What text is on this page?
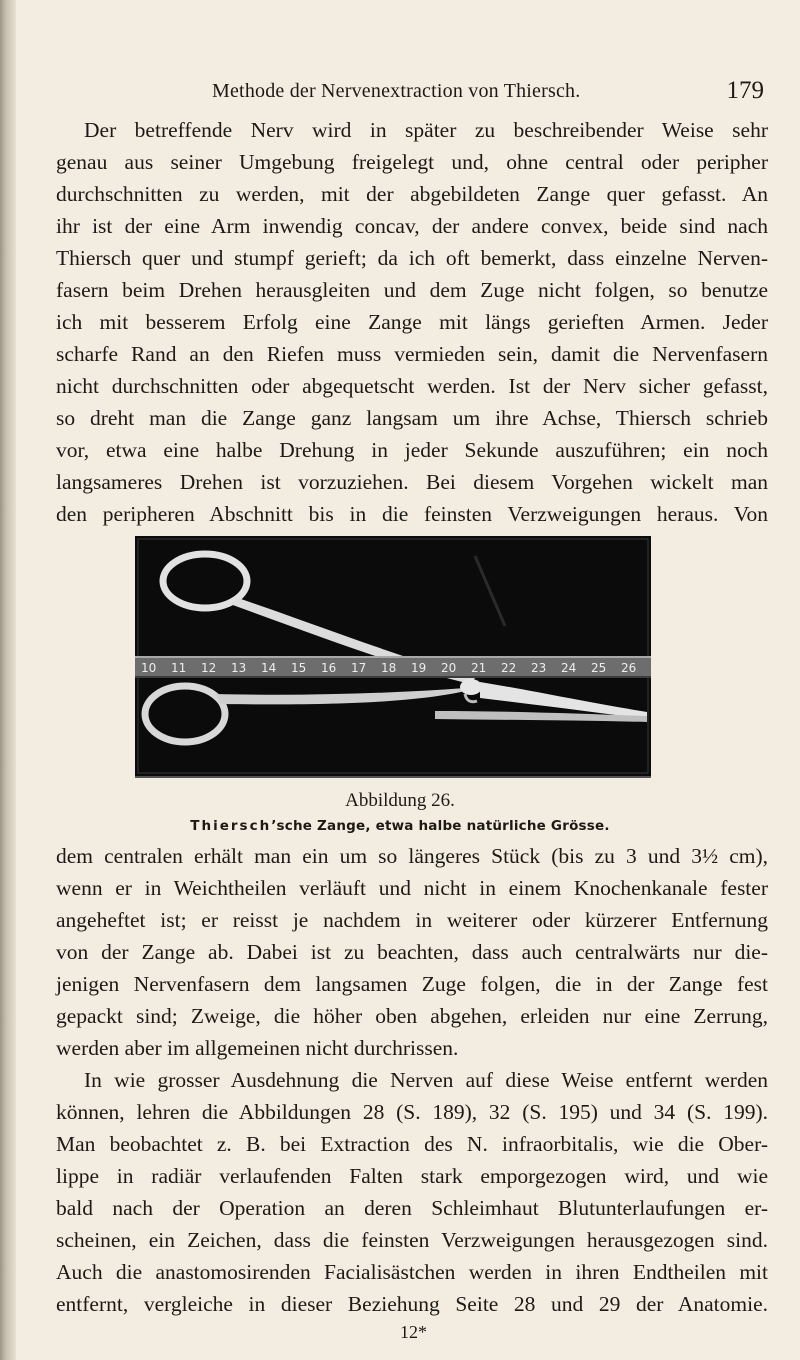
Methode der Nervenextraction von Thiersch.	179
Der betreffende Nerv wird in später zu beschreibender Weise sehr
genau aus seiner Umgebung freigelegt und, ohne central oder peripher
durchschnitten zu werden, mit der abgebildeten Zange quer gefasst. An
ihr ist der eine Arm inwendig concav, der andere convex, beide sind nach
Thiersch quer und stumpf gerieft; da ich oft bemerkt, dass einzelne Nerven-
fasern beim Drehen herausgleiten und dem Zuge nicht folgen, so benutze
ich mit besserem Erfolg eine Zange mit längs gerieften Armen. Jeder
scharfe Rand an den Riefen muss vermieden sein, damit die Nervenfasern
nicht durchschnitten oder abgequetscht werden. Ist der Nerv sicher gefasst,
so dreht man die Zange ganz langsam um ihre Achse, Thiersch schrieb
vor, etwa eine halbe Drehung in jeder Sekunde auszuführen; ein noch
langsameres Drehen ist vorzuziehen. Bei diesem Vorgehen wickelt man
den peripheren Abschnitt bis in die feinsten Verzweigungen heraus. Von
10 11 12 13 14 15 16 17 18 19 20 21 22 23 24 25 26
Abbildung 26.
Thiersch’sche Zange, etwa halbe natürliche Grösse.
dem centralen erhält man ein um so längeres Stück (bis zu 3 und 3½ cm),
wenn er in Weichtheilen verläuft und nicht in einem Knochenkanale fester
angeheftet ist; er reisst je nachdem in weiterer oder kürzerer Entfernung
von der Zange ab. Dabei ist zu beachten, dass auch centralwärts nur die-
jenigen Nervenfasern dem langsamen Zuge folgen, die in der Zange fest
gepackt sind; Zweige, die höher oben abgehen, erleiden nur eine Zerrung,
werden aber im allgemeinen nicht durchrissen.
In wie grosser Ausdehnung die Nerven auf diese Weise entfernt werden
können, lehren die Abbildungen 28 (S. 189), 32 (S. 195) und 34 (S. 199).
Man beobachtet z. B. bei Extraction des N. infraorbitalis, wie die Ober-
lippe in radiär verlaufenden Falten stark emporgezogen wird, und wie
bald nach der Operation an deren Schleimhaut Blutunterlaufungen er-
scheinen, ein Zeichen, dass die feinsten Verzweigungen herausgezogen sind.
Auch die anastomosirenden Facialisästchen werden in ihren Endtheilen mit
entfernt, vergleiche in dieser Beziehung Seite 28 und 29 der Anatomie.
12*
